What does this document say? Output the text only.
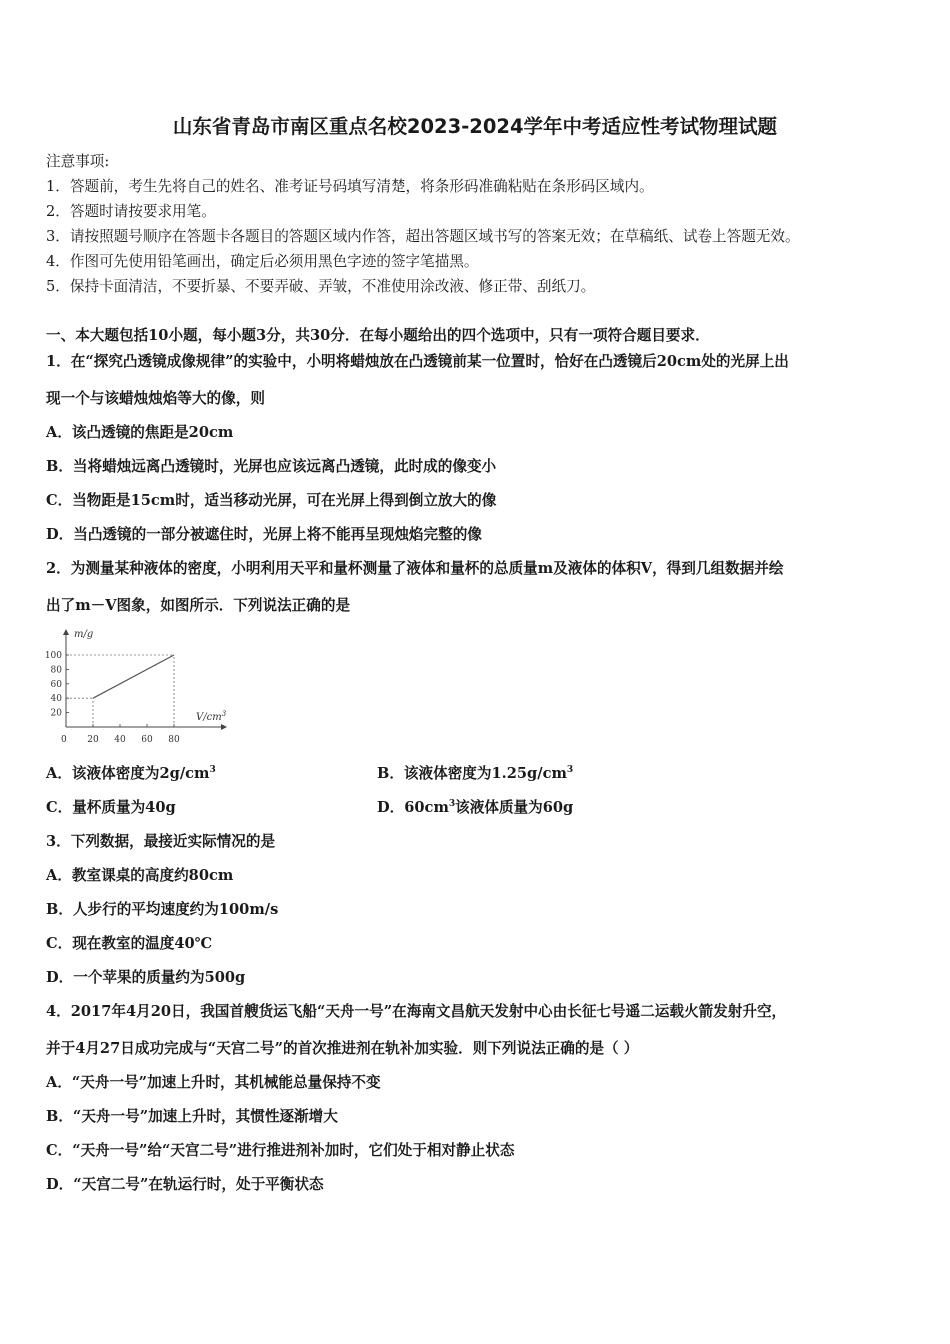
山东省青岛市南区重点名校2023-2024学年中考适应性考试物理试题
注意事项:
1．答题前，考生先将自己的姓名、准考证号码填写清楚，将条形码准确粘贴在条形码区域内。
2．答题时请按要求用笔。
3．请按照题号顺序在答题卡各题目的答题区域内作答，超出答题区域书写的答案无效；在草稿纸、试卷上答题无效。
4．作图可先使用铅笔画出，确定后必须用黑色字迹的签字笔描黑。
5．保持卡面清洁，不要折暴、不要弄破、弄皱，不准使用涂改液、修正带、刮纸刀。
一、本大题包括10小题，每小题3分，共30分．在每小题给出的四个选项中，只有一项符合题目要求．
1．在“探究凸透镜成像规律”的实验中，小明将蜡烛放在凸透镜前某一位置时，恰好在凸透镜后20cm处的光屏上出
现一个与该蜡烛烛焰等大的像，则
A．该凸透镜的焦距是20cm
B．当将蜡烛远离凸透镜时，光屏也应该远离凸透镜，此时成的像变小
C．当物距是15cm时，适当移动光屏，可在光屏上得到倒立放大的像
D．当凸透镜的一部分被遮住时，光屏上将不能再呈现烛焰完整的像
2．为测量某种液体的密度，小明利用天平和量杯测量了液体和量杯的总质量m及液体的体积V，得到几组数据并绘
出了m－V图象，如图所示．下列说法正确的是
m/g
$V/cm^3$
0 20 40 60 80
20
40
60
80
100
A．该液体密度为$2g/cm^3$	B．该液体密度为$1.25g/cm^3$
C．量杯质量为40g	D．$60cm^3$该液体质量为60g
3．下列数据，最接近实际情况的是
A．教室课桌的高度约80cm
B．人步行的平均速度约为100m/s
C．现在教室的温度40℃
D．一个苹果的质量约为500g
4．2017年4月20日，我国首艘货运飞船“天舟一号”在海南文昌航天发射中心由长征七号遥二运载火箭发射升空，
并于4月27日成功完成与“天宫二号”的首次推进剂在轨补加实验．则下列说法正确的是（ ）
A．“天舟一号”加速上升时，其机械能总量保持不变
B．“天舟一号”加速上升时，其惯性逐渐增大
C．“天舟一号”给“天宫二号”进行推进剂补加时，它们处于相对静止状态
D．“天宫二号”在轨运行时，处于平衡状态
